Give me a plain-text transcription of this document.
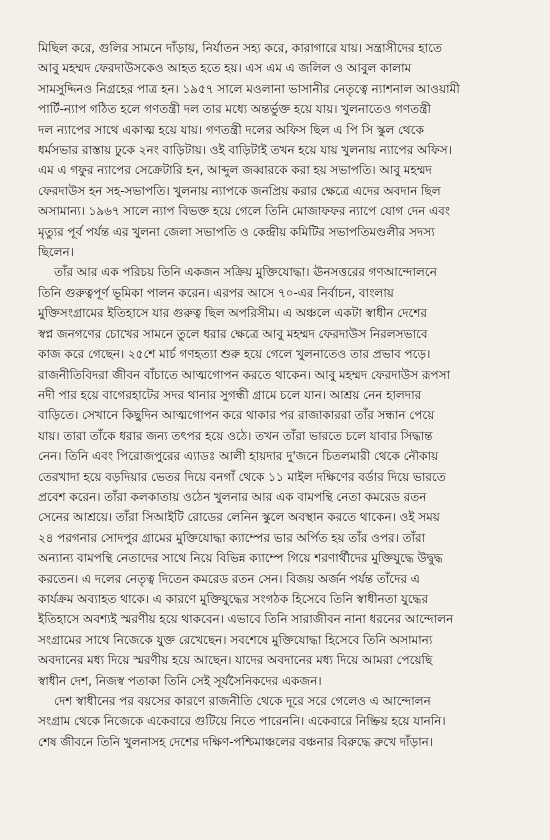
মিছিল করে, গুলির সামনে দাঁড়ায়, নির্যাতন সহ্য করে, কারাগারে যায়। সন্ত্রাসীদের হাতে

আবু মহম্মদ ফেরদাউসকেও আহত হতে হয়। এস এম এ জলিল ও আবুল কালাম

সামসুদ্দিনও নিগ্রহের পাত্র হন। ১৯৫৭ সালে মওলানা ভাসানীর নেতৃত্বে ন্যাশনাল আওয়ামী

পার্টি-ন্যাপ গঠিত হলে গণতন্ত্রী দল তার মধ্যে অন্তর্ভুক্ত হয়ে যায়। খুলনাতেও গণতন্ত্রী

দল ন্যাপের সাথে একাত্ম হয়ে যায়। গণতন্ত্রী দলের অফিস ছিল এ পি সি স্কুল থেকে

ধর্মসভার রাস্তায় ঢুকে ২নং বাড়িটায়। ওই বাড়িটাই তখন হয়ে যায় খুলনায় ন্যাপের অফিস।

এম এ গফুর ন্যাপের সেক্রেটারি হন, আব্দুল জব্বারকে করা হয় সভাপতি। আবু মহম্মদ

ফেরদাউস হন সহ-সভাপতি। খুলনায় ন্যাপকে জনপ্রিয় করার ক্ষেত্রে এদের অবদান ছিল

অসামান্য। ১৯৬৭ সালে ন্যাপ বিভক্ত হয়ে গেলে তিনি মোজাফফর ন্যাপে যোগ দেন এবং

মৃত্যুর পূর্ব পর্যন্ত এর খুলনা জেলা সভাপতি ও কেন্দ্রীয় কমিটির সভাপতিমণ্ডলীর সদস্য

ছিলেন।

তাঁর আর এক পরিচয় তিনি একজন সক্রিয় মুক্তিযোদ্ধা। ঊনসত্তরের গণআন্দোলনে

তিনি গুরুত্বপূর্ণ ভূমিকা পালন করেন। এরপর আসে ৭০-এর নির্বাচন, বাংলায়

মুক্তিসংগ্রামের ইতিহাসে যার গুরুত্ব ছিল অপরিসীম। এ অঞ্চলে একটা স্বাধীন দেশের

স্বপ্ন জনগণের চোখের সামনে তুলে ধরার ক্ষেত্রে আবু মহম্মদ ফেরদাউস নিরলসভাবে

কাজ করে গেছেন। ২৫শে মার্চ গণহত্যা শুরু হয়ে গেলে খুলনাতেও তার প্রভাব পড়ে।

রাজনীতিবিদরা জীবন বাঁচাতে আত্মগোপন করতে থাকেন। আবু মহম্মদ ফেরদাউস রূপসা

নদী পার হয়ে বাগেরহাটের সদর থানার সুগন্ধী গ্রামে চলে যান। আশ্রয় নেন হালদার

বাড়িতে। সেখানে কিছুদিন আত্মগোপন করে থাকার পর রাজাকাররা তাঁর সন্ধান পেয়ে

যায়। তারা তাঁকে ধরার জন্য তৎপর হয়ে ওঠে। তখন তাঁরা ভারতে চলে যাবার সিদ্ধান্ত

নেন। তিনি এবং পিরোজপুরের এ্যাডঃ আলী হায়দার দু'জনে চিতলমারী থেকে নৌকায়

তেরখাদা হয়ে বড়দিয়ার ভেতর দিয়ে বনগাঁ থেকে ১১ মাইল দক্ষিণের বর্ডার দিয়ে ভারতে

প্রবেশ করেন। তাঁরা কলকাতায় ওঠেন খুলনার আর এক বামপন্থি নেতা কমরেড রতন

সেনের আশ্রয়ে। তাঁরা সিআইটি রোডের লেনিন স্কুলে অবস্থান করতে থাকেন। ওই সময়

২৪ পরগনার সোদপুর গ্রামের মুক্তিযোদ্ধা ক্যাম্পের ভার অর্পিত হয় তাঁর ওপর। তাঁরা

অন্যান্য বামপন্থি নেতাদের সাথে নিয়ে বিভিন্ন ক্যাম্পে গিয়ে শরণার্থীদের মুক্তিযুদ্ধে উদ্বুদ্ধ

করতেন। এ দলের নেতৃত্ব দিতেন কমরেড রতন সেন। বিজয় অর্জন পর্যন্ত তাঁদের এ

কার্যক্রম অব্যাহত থাকে। এ কারণে মুক্তিযুদ্ধের সংগঠক হিসেবে তিনি স্বাধীনতা যুদ্ধের

ইতিহাসে অবশ্যই স্মরণীয় হয়ে থাকবেন। এভাবে তিনি সারাজীবন নানা ধরনের আন্দোলন

সংগ্রামের সাথে নিজেকে যুক্ত রেখেছেন। সবশেষে মুক্তিযোদ্ধা হিসেবে তিনি অসামান্য

অবদানের মধ্য দিয়ে স্মরণীয় হয়ে আছেন। যাদের অবদানের মধ্য দিয়ে আমরা পেয়েছি

স্বাধীন দেশ, নিজস্ব পতাকা তিনি সেই সূর্যসৈনিকদের একজন।

দেশ স্বাধীনের পর বয়সের কারণে রাজনীতি থেকে দূরে সরে গেলেও এ আন্দোলন

সংগ্রাম থেকে নিজেকে একেবারে গুটিয়ে নিতে পারেননি। একেবারে নিষ্ক্রিয় হয়ে যাননি।

শেষ জীবনে তিনি খুলনাসহ দেশের দক্ষিণ-পশ্চিমাঞ্চলের বঞ্চনার বিরুদ্ধে রুখে দাঁড়ান।
